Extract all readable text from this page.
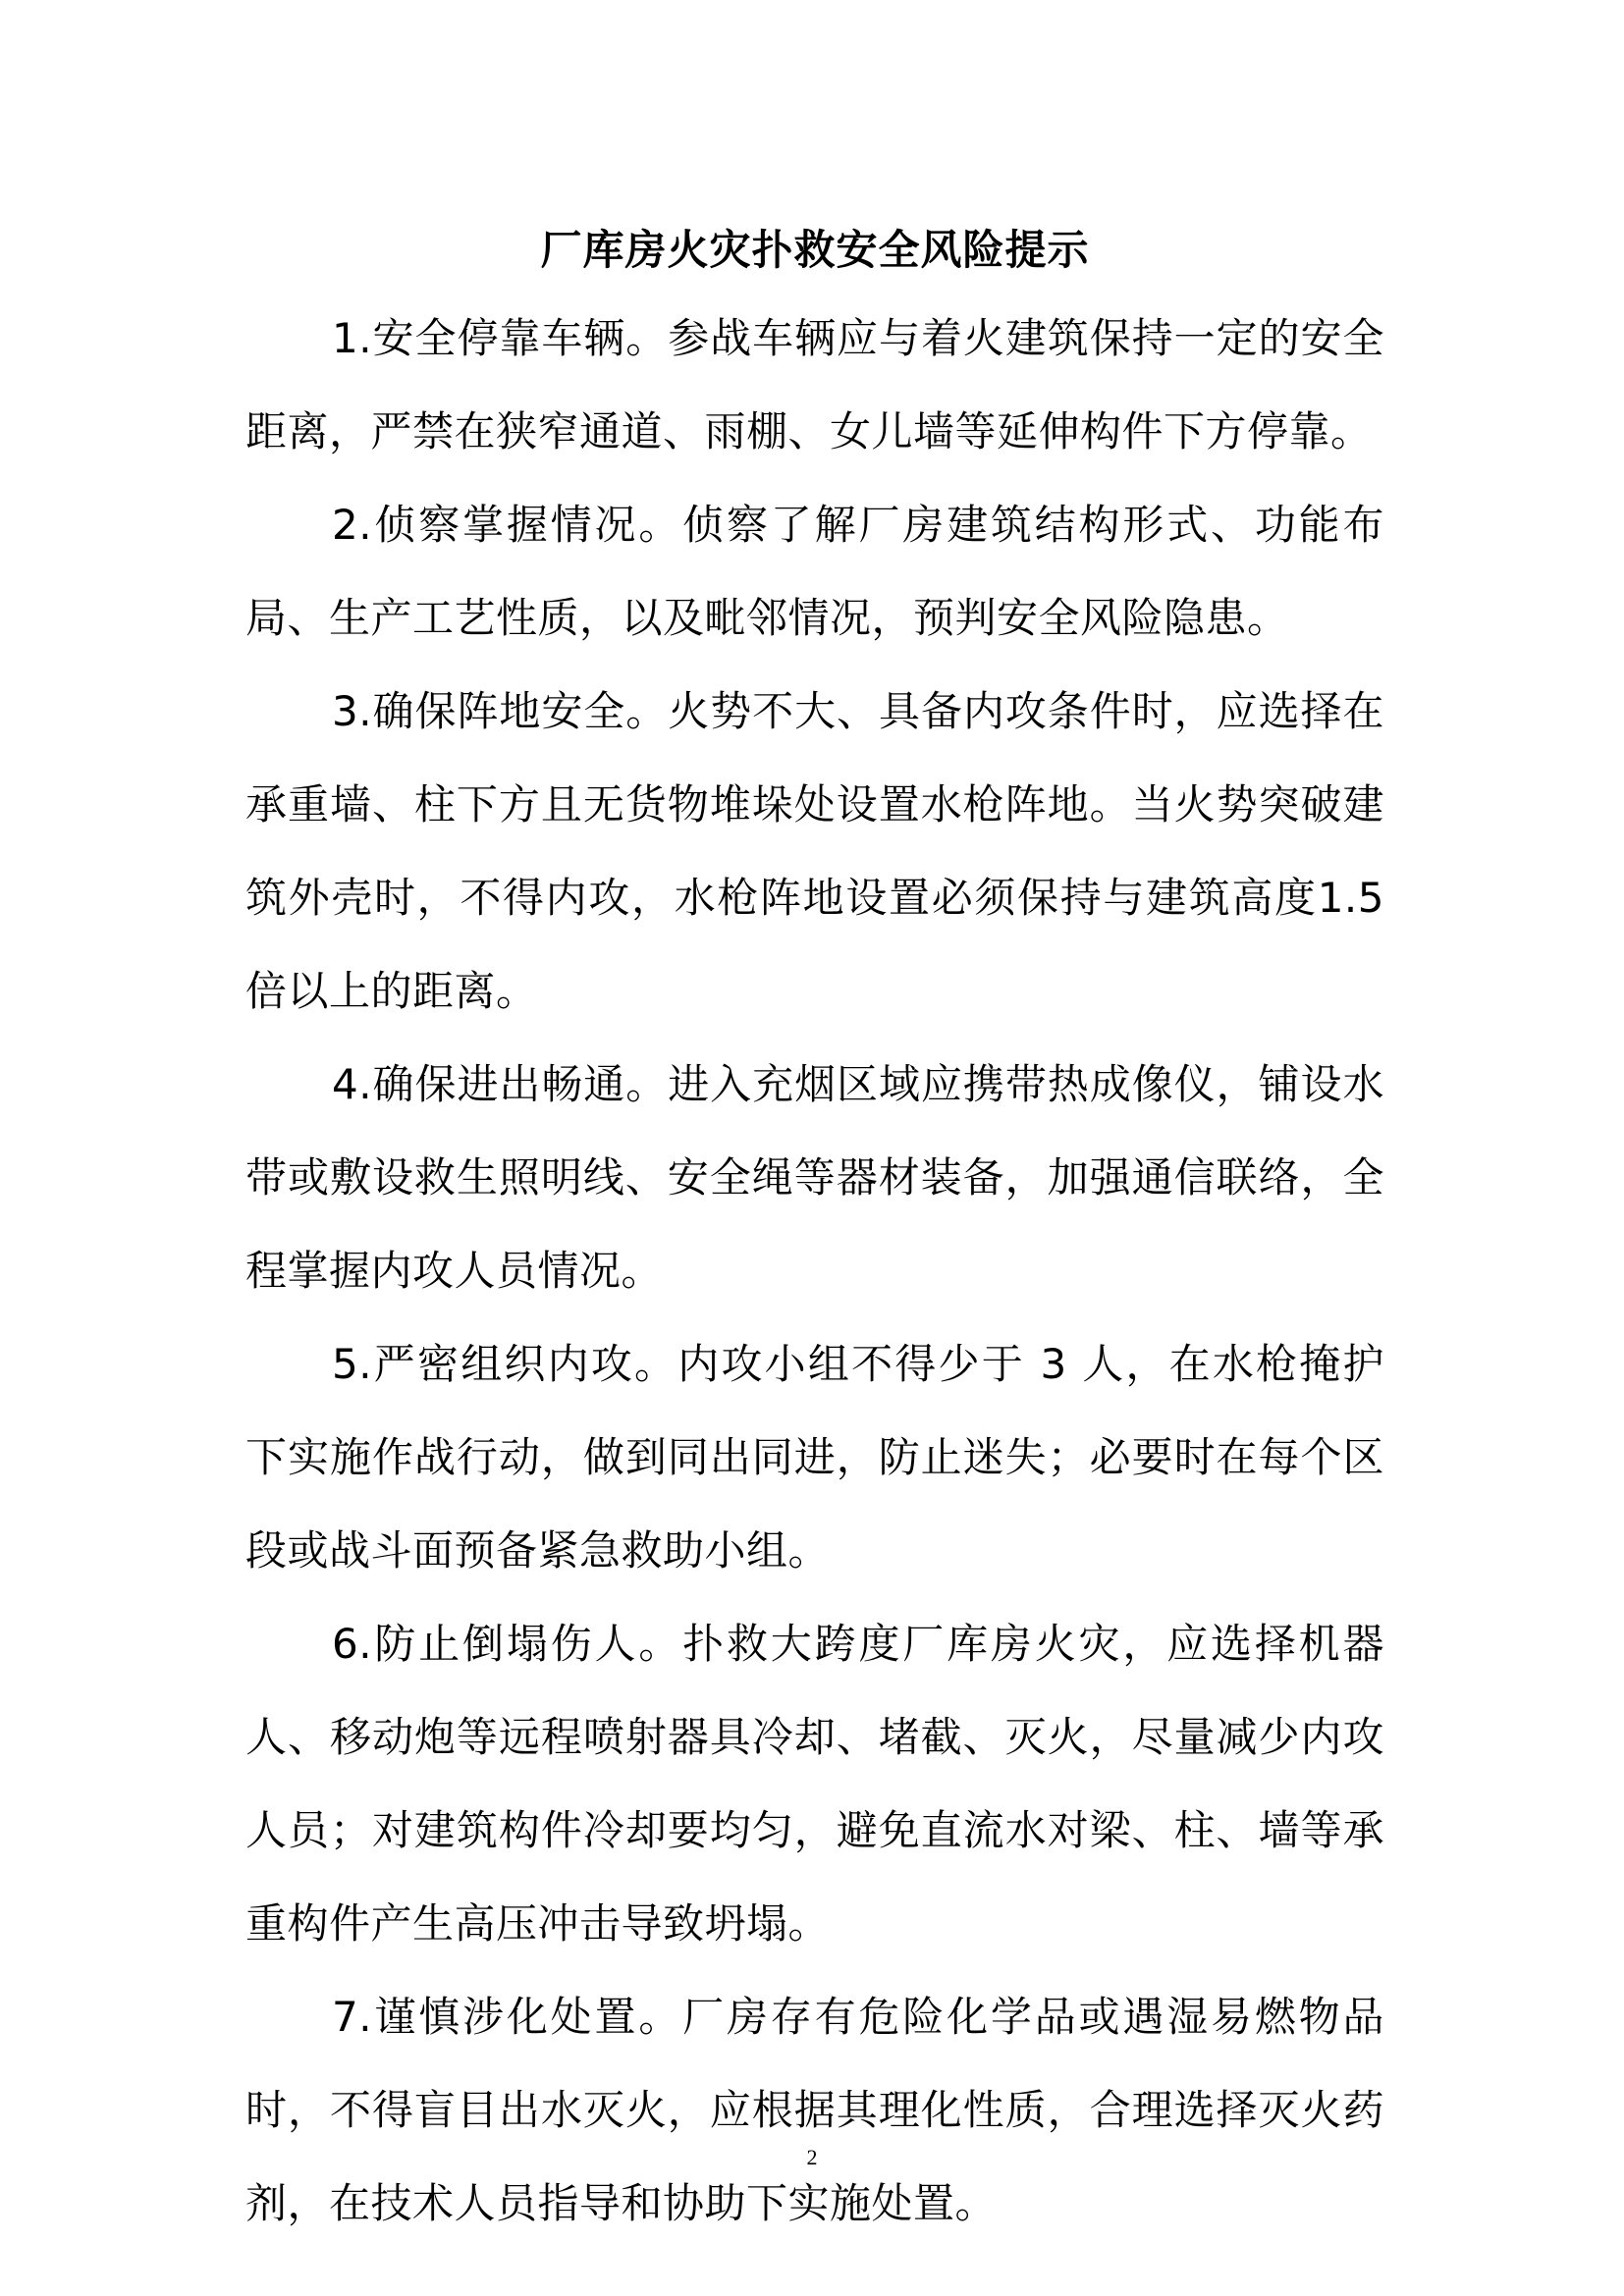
厂库房火灾扑救安全风险提示

1.安全停靠车辆。参战车辆应与着火建筑保持一定的安全距离，严禁在狭窄通道、雨棚、女儿墙等延伸构件下方停靠。

2.侦察掌握情况。侦察了解厂房建筑结构形式、功能布局、生产工艺性质，以及毗邻情况，预判安全风险隐患。

3.确保阵地安全。火势不大、具备内攻条件时，应选择在承重墙、柱下方且无货物堆垛处设置水枪阵地。当火势突破建筑外壳时，不得内攻，水枪阵地设置必须保持与建筑高度1.5 倍以上的距离。

4.确保进出畅通。进入充烟区域应携带热成像仪，铺设水带或敷设救生照明线、安全绳等器材装备，加强通信联络，全程掌握内攻人员情况。

5.严密组织内攻。内攻小组不得少于 3 人，在水枪掩护下实施作战行动，做到同出同进，防止迷失；必要时在每个区段或战斗面预备紧急救助小组。

6.防止倒塌伤人。扑救大跨度厂库房火灾，应选择机器人、移动炮等远程喷射器具冷却、堵截、灭火，尽量减少内攻人员；对建筑构件冷却要均匀，避免直流水对梁、柱、墙等承重构件产生高压冲击导致坍塌。

7.谨慎涉化处置。厂房存有危险化学品或遇湿易燃物品时，不得盲目出水灭火，应根据其理化性质，合理选择灭火药剂，在技术人员指导和协助下实施处置。

2
